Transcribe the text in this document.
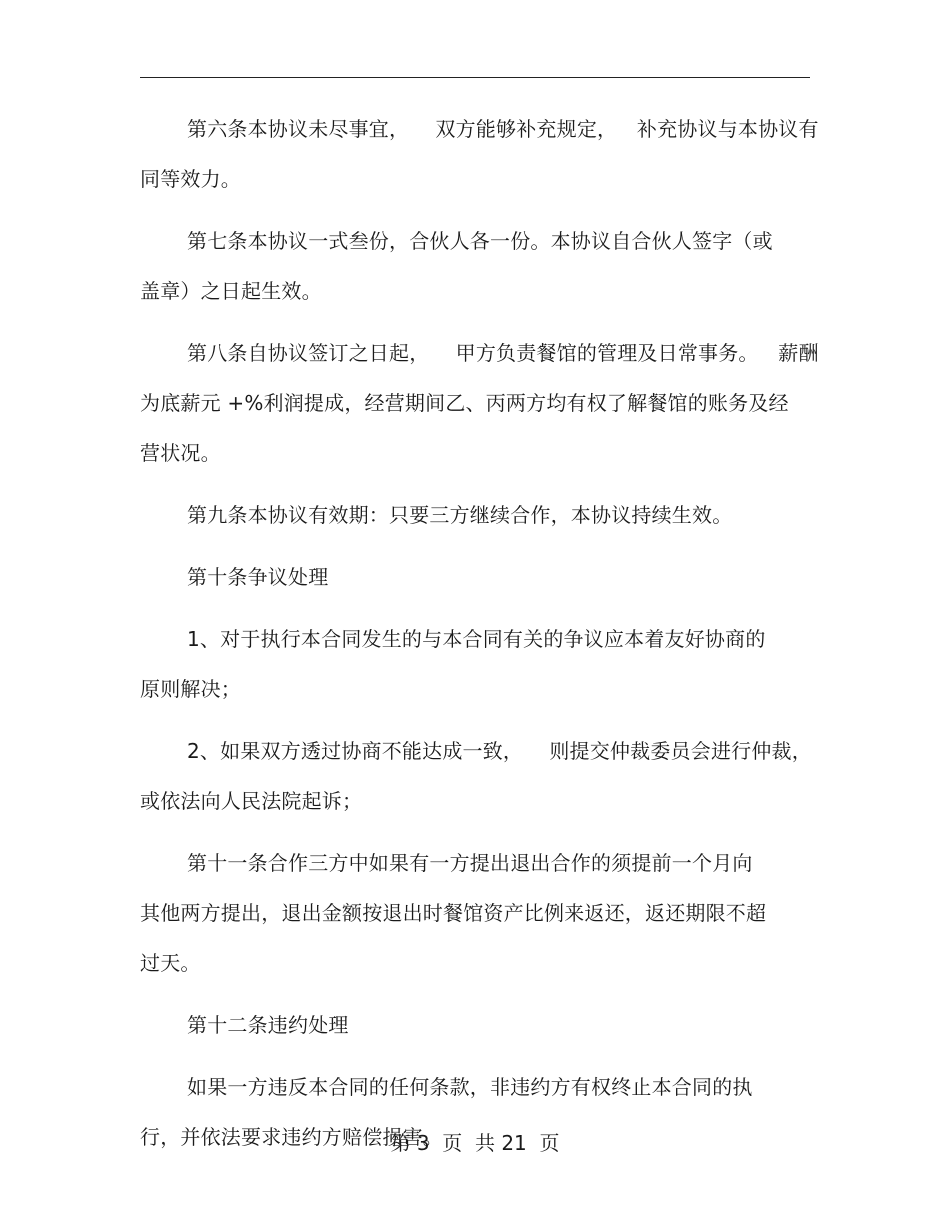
第六条本协议未尽事宜，    双方能够补充规定，   补充协议与本协议有
同等效力。
第七条本协议一式叁份，合伙人各一份。本协议自合伙人签字（或
盖章）之日起生效。
第八条自协议签订之日起，    甲方负责餐馆的管理及日常事务。   薪酬
为底薪元 +%利润提成，经营期间乙、丙两方均有权了解餐馆的账务及经
营状况。
第九条本协议有效期：只要三方继续合作，本协议持续生效。
第十条争议处理
1、对于执行本合同发生的与本合同有关的争议应本着友好协商的
原则解决；
2、如果双方透过协商不能达成一致，    则提交仲裁委员会进行仲裁，
或依法向人民法院起诉；
第十一条合作三方中如果有一方提出退出合作的须提前一个月向
其他两方提出，退出金额按退出时餐馆资产比例来返还，返还期限不超
过天。
第十二条违约处理
如果一方违反本合同的任何条款，非违约方有权终止本合同的执
行，并依法要求违约方赔偿损害。
第 3  页  共 21  页
